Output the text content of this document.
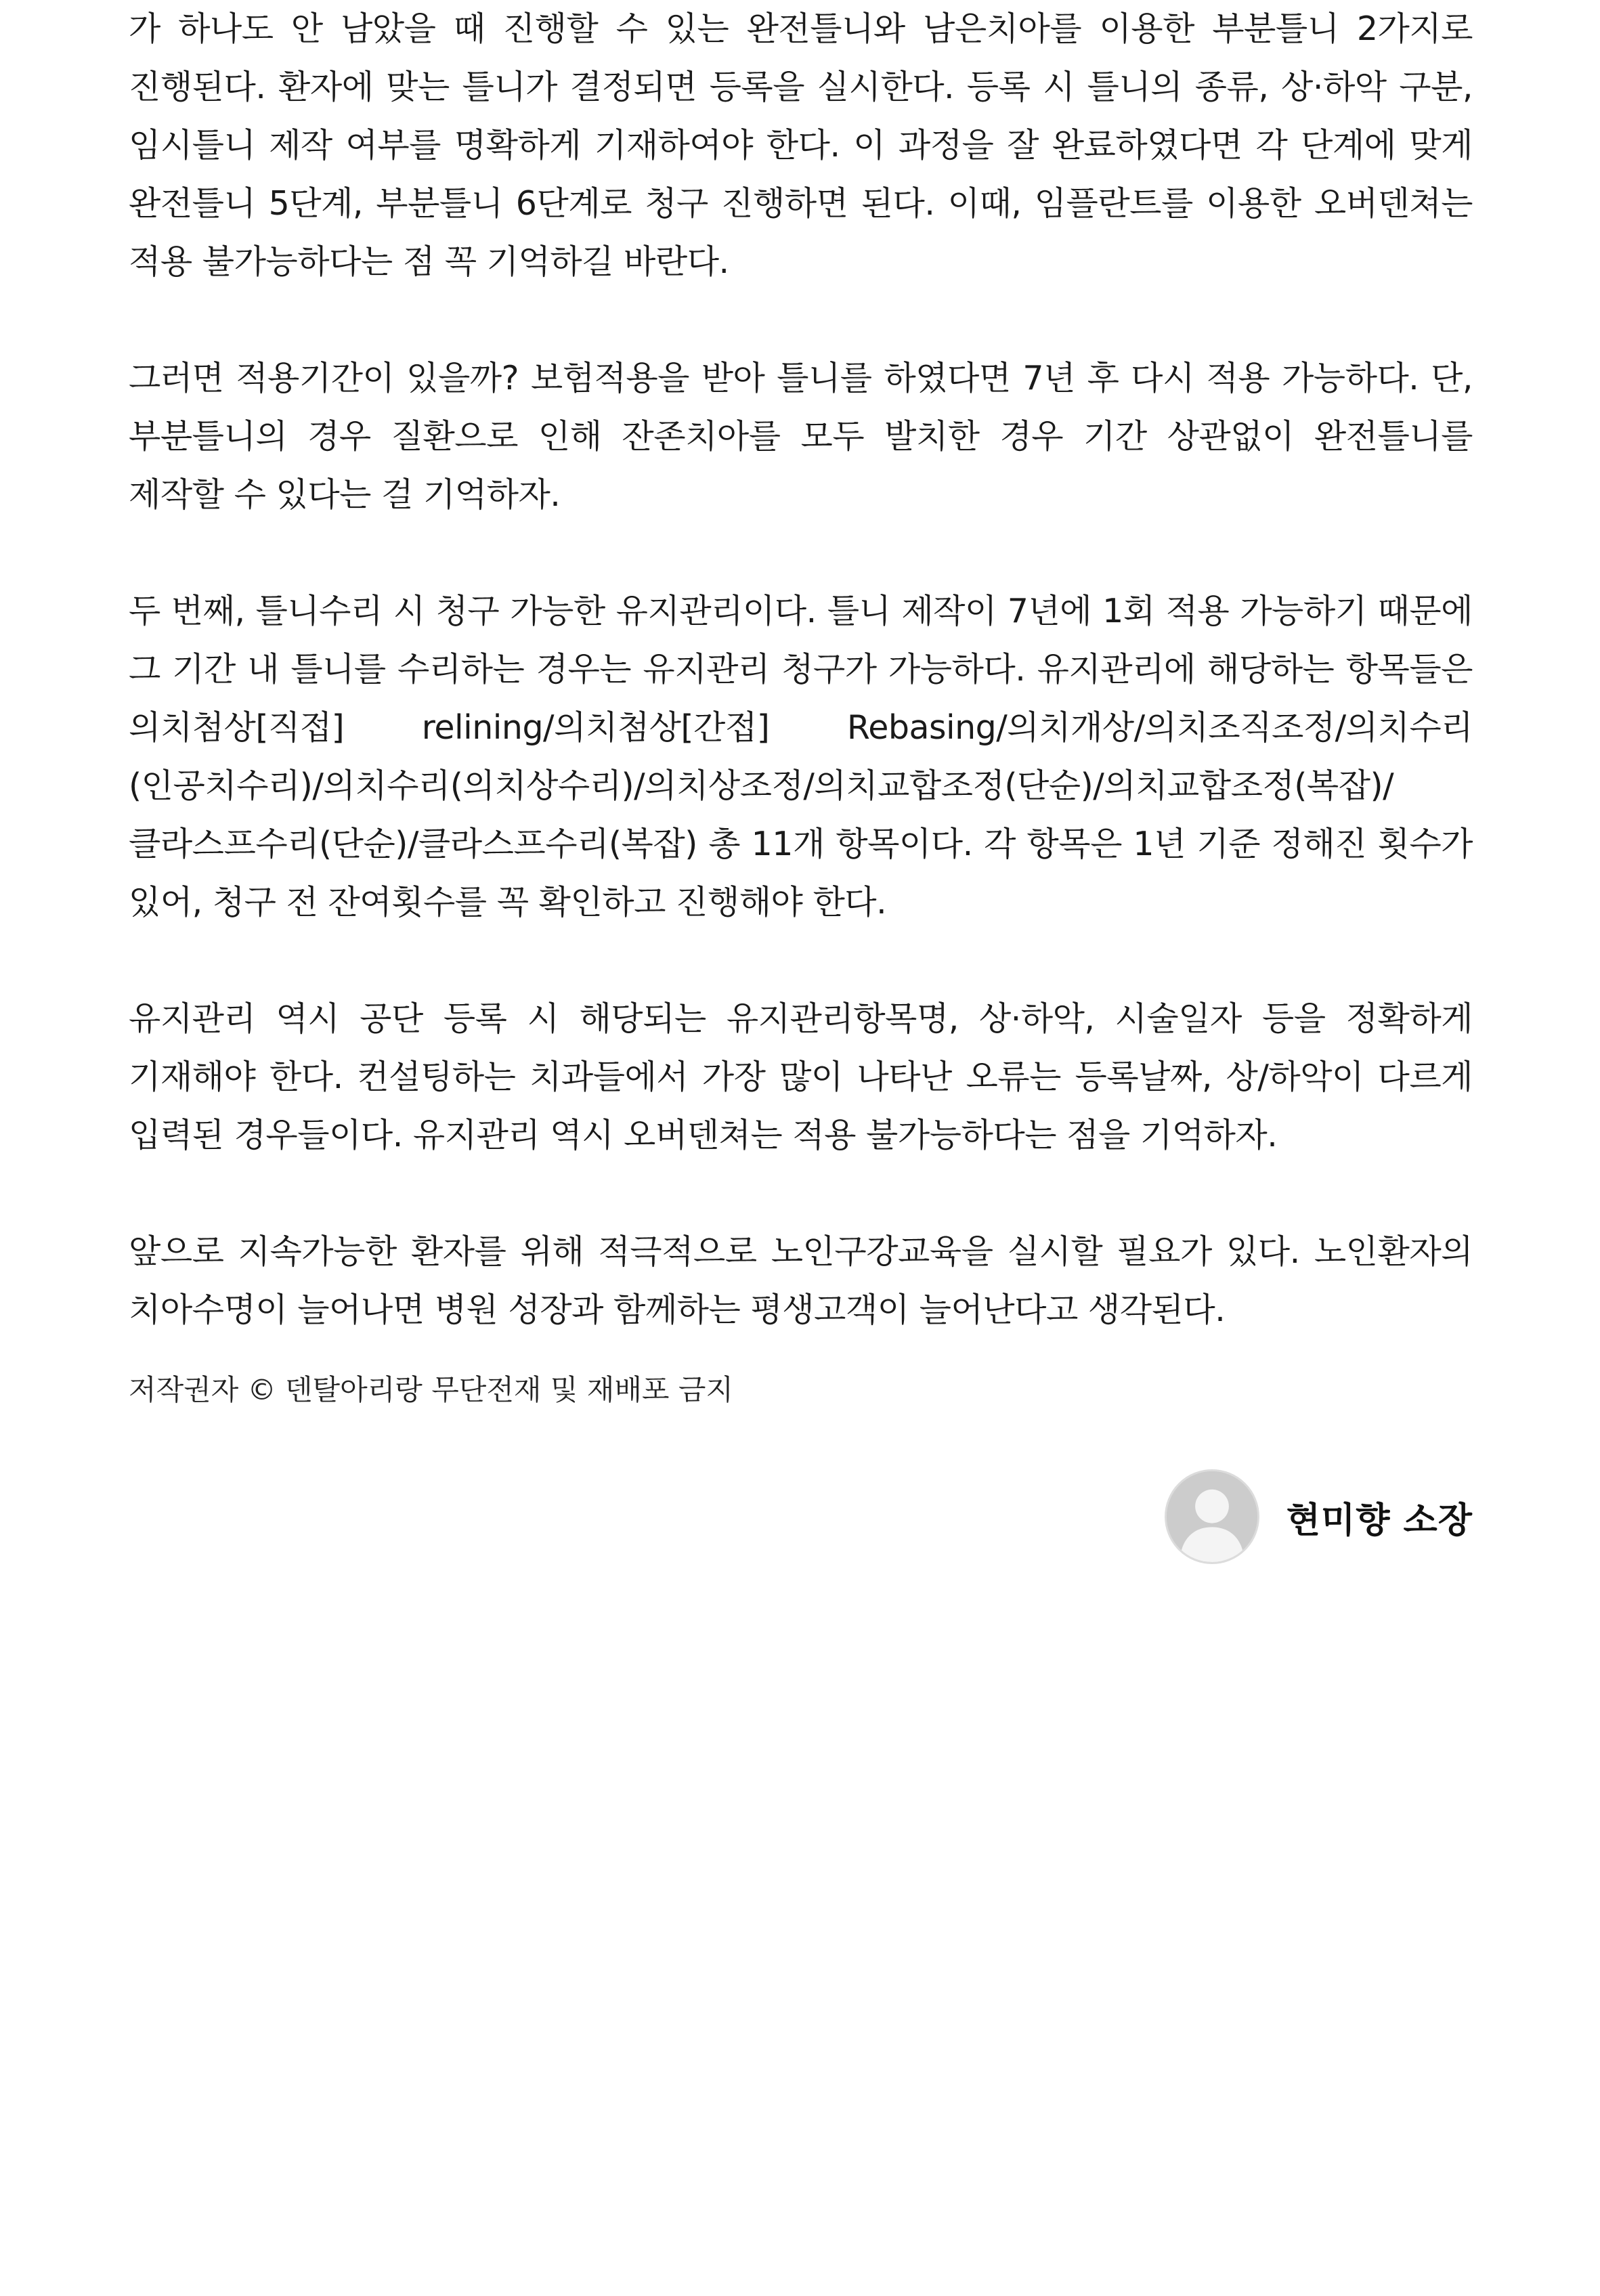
가 하나도 안 남았을 때 진행할 수 있는 완전틀니와 남은치아를 이용한 부분틀니 2가지로 진행된다. 환자에 맞는 틀니가 결정되면 등록을 실시한다. 등록 시 틀니의 종류, 상·하악 구분, 임시틀니 제작 여부를 명확하게 기재하여야 한다. 이 과정을 잘 완료하였다면 각 단계에 맞게 완전틀니 5단계, 부분틀니 6단계로 청구 진행하면 된다. 이때, 임플란트를 이용한 오버덴쳐는 적용 불가능하다는 점 꼭 기억하길 바란다.

그러면 적용기간이 있을까? 보험적용을 받아 틀니를 하였다면 7년 후 다시 적용 가능하다. 단, 부분틀니의 경우 질환으로 인해 잔존치아를 모두 발치한 경우 기간 상관없이 완전틀니를 제작할 수 있다는 걸 기억하자.

두 번째, 틀니수리 시 청구 가능한 유지관리이다. 틀니 제작이 7년에 1회 적용 가능하기 때문에 그 기간 내 틀니를 수리하는 경우는 유지관리 청구가 가능하다. 유지관리에 해당하는 항목들은 의치첨상[직접] relining/의치첨상[간접] Rebasing/의치개상/의치조직조정/의치수리(인공치수리)/의치수리(의치상수리)/의치상조정/의치교합조정(단순)/의치교합조정(복잡)/클라스프수리(단순)/클라스프수리(복잡) 총 11개 항목이다. 각 항목은 1년 기준 정해진 횟수가 있어, 청구 전 잔여횟수를 꼭 확인하고 진행해야 한다.

유지관리 역시 공단 등록 시 해당되는 유지관리항목명, 상·하악, 시술일자 등을 정확하게 기재해야 한다. 컨설팅하는 치과들에서 가장 많이 나타난 오류는 등록날짜, 상/하악이 다르게 입력된 경우들이다. 유지관리 역시 오버덴쳐는 적용 불가능하다는 점을 기억하자.

앞으로 지속가능한 환자를 위해 적극적으로 노인구강교육을 실시할 필요가 있다. 노인환자의 치아수명이 늘어나면 병원 성장과 함께하는 평생고객이 늘어난다고 생각된다.

저작권자 © 덴탈아리랑 무단전재 및 재배포 금지
현미향 소장
